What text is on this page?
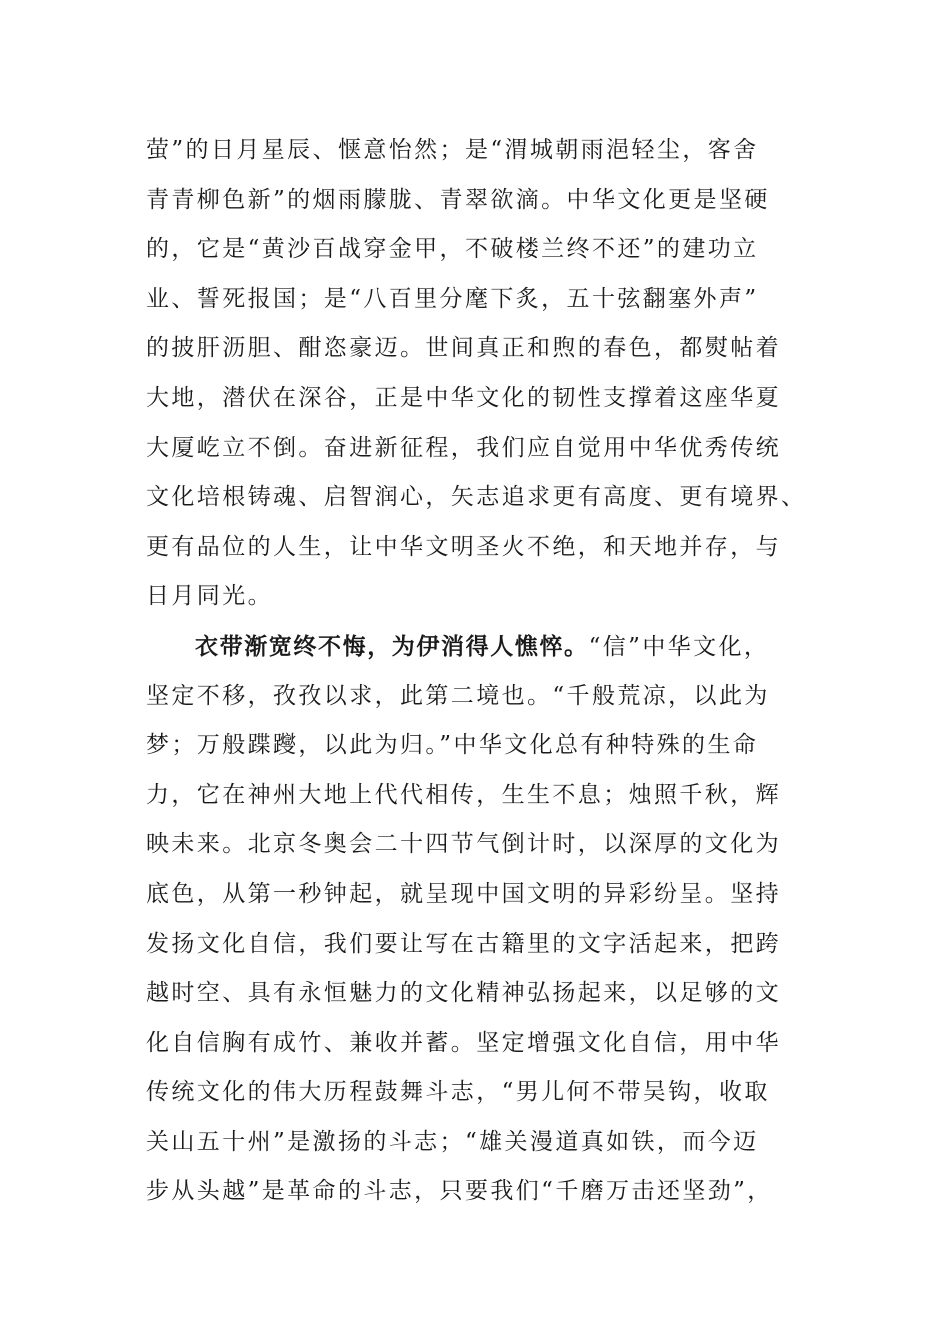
萤”的日月星辰、惬意怡然；是“渭城朝雨浥轻尘，客舍
青青柳色新”的烟雨朦胧、青翠欲滴。中华文化更是坚硬
的，它是“黄沙百战穿金甲，不破楼兰终不还”的建功立
业、誓死报国；是“八百里分麾下炙，五十弦翻塞外声”
的披肝沥胆、酣恣豪迈。世间真正和煦的春色，都熨帖着
大地，潜伏在深谷，正是中华文化的韧性支撑着这座华夏
大厦屹立不倒。奋进新征程，我们应自觉用中华优秀传统
文化培根铸魂、启智润心，矢志追求更有高度、更有境界、
更有品位的人生，让中华文明圣火不绝，和天地并存，与
日月同光。
衣带渐宽终不悔，为伊消得人憔悴。“信”中华文化，
坚定不移，孜孜以求，此第二境也。“千般荒凉，以此为
梦；万般蹀躞，以此为归。”中华文化总有种特殊的生命
力，它在神州大地上代代相传，生生不息；烛照千秋，辉
映未来。北京冬奥会二十四节气倒计时，以深厚的文化为
底色，从第一秒钟起，就呈现中国文明的异彩纷呈。坚持
发扬文化自信，我们要让写在古籍里的文字活起来，把跨
越时空、具有永恒魅力的文化精神弘扬起来，以足够的文
化自信胸有成竹、兼收并蓄。坚定增强文化自信，用中华
传统文化的伟大历程鼓舞斗志，“男儿何不带吴钩，收取
关山五十州”是激扬的斗志；“雄关漫道真如铁，而今迈
步从头越”是革命的斗志，只要我们“千磨万击还坚劲”，
